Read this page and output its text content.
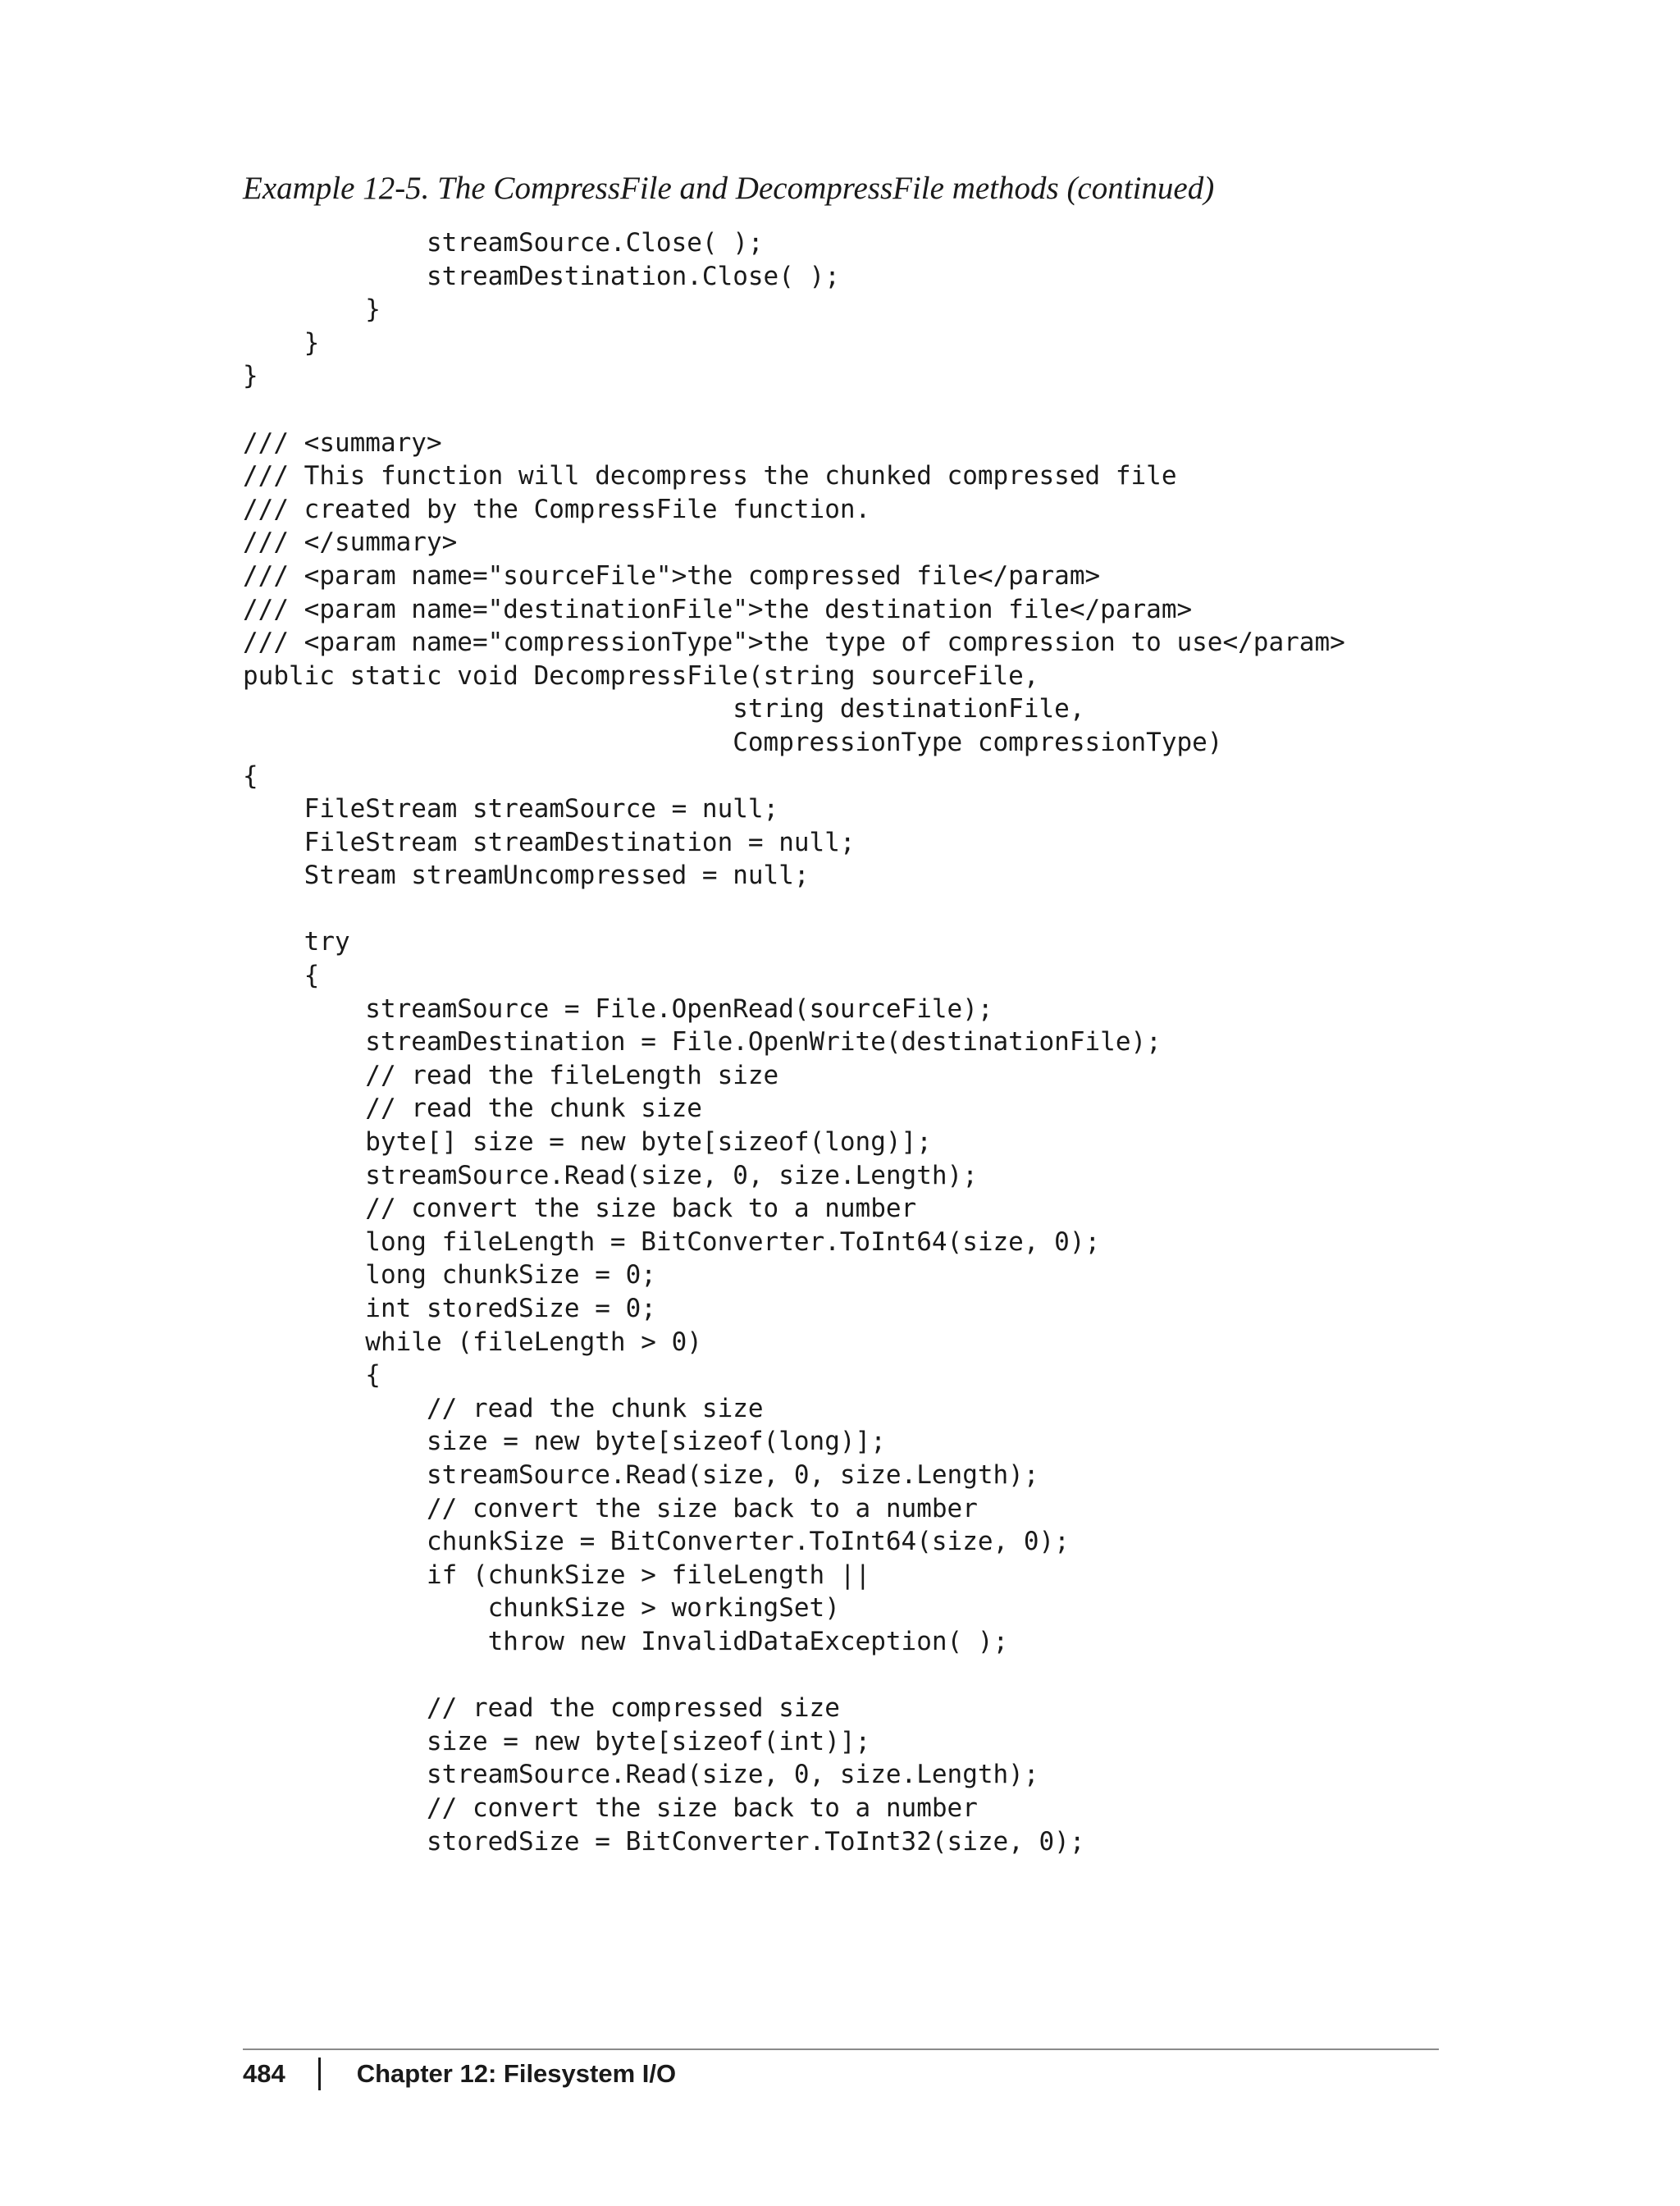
Example 12-5. The CompressFile and DecompressFile methods (continued)
streamSource.Close( );
streamDestination.Close( );
}
}
}
/// <summary>
/// This function will decompress the chunked compressed file
/// created by the CompressFile function.
/// </summary>
/// <param name="sourceFile">the compressed file</param>
/// <param name="destinationFile">the destination file</param>
/// <param name="compressionType">the type of compression to use</param>
public static void DecompressFile(string sourceFile,
string destinationFile,
CompressionType compressionType)
{
FileStream streamSource = null;
FileStream streamDestination = null;
Stream streamUncompressed = null;
try
{
streamSource = File.OpenRead(sourceFile);
streamDestination = File.OpenWrite(destinationFile);
// read the fileLength size
// read the chunk size
byte[] size = new byte[sizeof(long)];
streamSource.Read(size, 0, size.Length);
// convert the size back to a number
long fileLength = BitConverter.ToInt64(size, 0);
long chunkSize = 0;
int storedSize = 0;
while (fileLength > 0)
{
// read the chunk size
size = new byte[sizeof(long)];
streamSource.Read(size, 0, size.Length);
// convert the size back to a number
chunkSize = BitConverter.ToInt64(size, 0);
if (chunkSize > fileLength ||
chunkSize > workingSet)
throw new InvalidDataException( );
// read the compressed size
size = new byte[sizeof(int)];
streamSource.Read(size, 0, size.Length);
// convert the size back to a number
storedSize = BitConverter.ToInt32(size, 0);
484	Chapter 12: Filesystem I/O
